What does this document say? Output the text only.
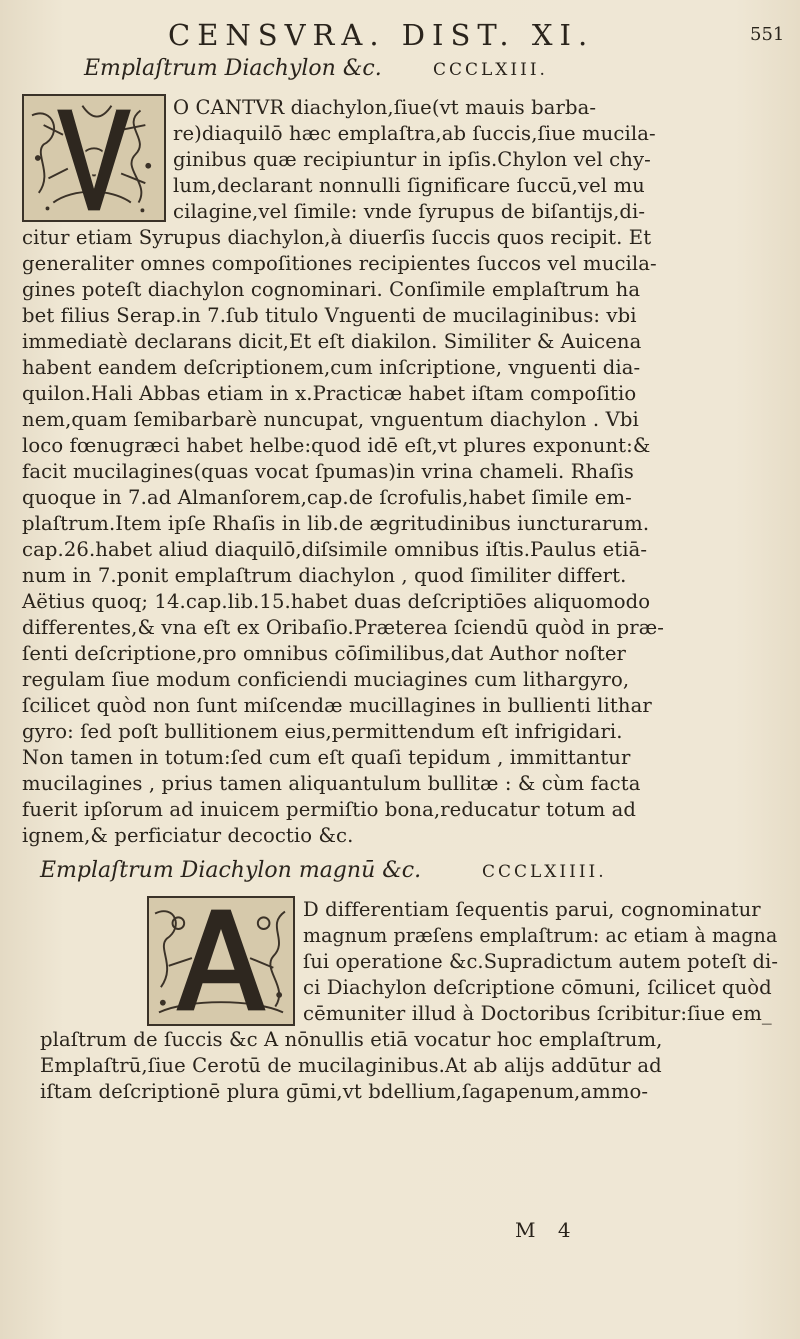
CENSVRA. DIST. XI.	551
Emplaſtrum Diachylon &c.	CCCLXIII.
O CANTVR diachylon,ſiue(vt mauis barba-
re)diaquilō hæc emplaſtra,ab ſuccis,ſiue mucila-
ginibus quæ recipiuntur in ipſis.Chylon vel chy-
lum,declarant nonnulli ſignificare ſuccū,vel mu
cilagine,vel ſimile: vnde ſyrupus de biſantijs,di-
citur etiam Syrupus diachylon,à diuerſis ſuccis quos recipit. Et
generaliter omnes compoſitiones recipientes ſuccos vel mucila-
gines poteſt diachylon cognominari. Conſimile emplaſtrum ha
bet filius Serap.in 7.ſub titulo Vnguenti de mucilaginibus: vbi
immediatè declarans dicit,Et eſt diakilon. Similiter & Auicena
habent eandem deſcriptionem,cum inſcriptione, vnguenti dia-
quilon.Hali Abbas etiam in x.Practicæ habet iſtam compoſitio
nem,quam ſemibarbarè nuncupat, vnguentum diachylon . Vbi
loco fœnugræci habet helbe:quod idē eſt,vt plures exponunt:&
facit mucilagines(quas vocat ſpumas)in vrina chameli. Rhaſis
quoque in 7.ad Almanſorem,cap.de ſcrofulis,habet ſimile em-
plaſtrum.Item ipſe Rhaſis in lib.de ægritudinibus iuncturarum.
cap.26.habet aliud diaquilō,diſsimile omnibus iſtis.Paulus etiā-
num in 7.ponit emplaſtrum diachylon , quod ſimiliter differt.
Aëtius quoq; 14.cap.lib.15.habet duas deſcriptiōes aliquomodo
differentes,& vna eſt ex Oribaſio.Præterea ſciendū quòd in præ-
ſenti deſcriptione,pro omnibus cōſimilibus,dat Author noſter
regulam ſiue modum conficiendi muciagines cum lithargyro,
ſcilicet quòd non ſunt miſcendæ mucillagines in bullienti lithar
gyro: ſed poſt bullitionem eius,permittendum eſt infrigidari.
Non tamen in totum:ſed cum eſt quaſi tepidum , immittantur
mucilagines , prius tamen aliquantulum bullitæ : & cùm facta
fuerit ipſorum ad inuicem permiſtio bona,reducatur totum ad
ignem,& perficiatur decoctio &c.
Emplaſtrum Diachylon magnū &c.	CCCLXIIII.
D differentiam ſequentis parui, cognominatur
magnum præſens emplaſtrum: ac etiam à magna
ſui operatione &c.Supradictum autem poteſt di-
ci Diachylon deſcriptione cōmuni, ſcilicet quòd
cēmuniter illud à Doctoribus ſcribitur:ſiue em_
plaſtrum de ſuccis &c A nōnullis etiā vocatur hoc emplaſtrum,
Emplaſtrū,ſiue Cerotū de mucilaginibus.At ab alijs addūtur ad
iſtam deſcriptionē plura gūmi,vt bdellium,ſagapenum,ammo-
M 4
